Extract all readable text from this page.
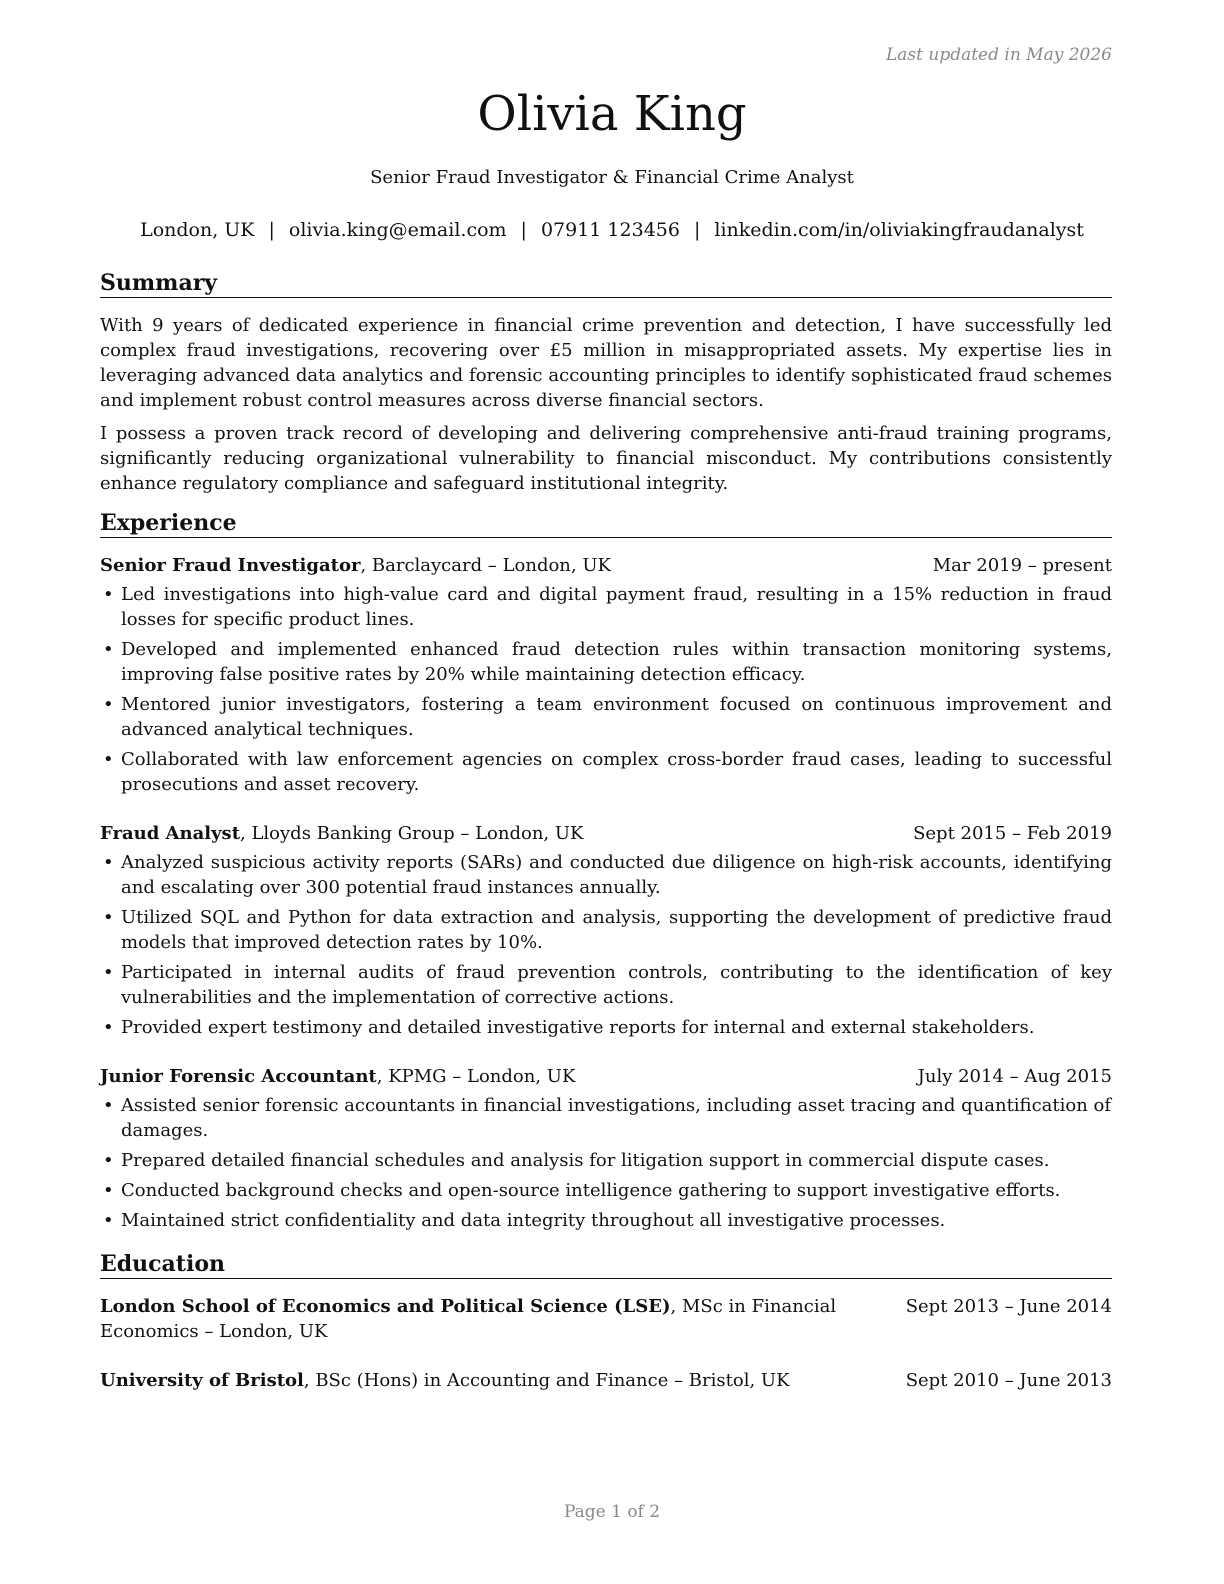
Last updated in May 2026
Olivia King
Senior Fraud Investigator & Financial Crime Analyst
London, UK | olivia.king@email.com | 07911 123456 | linkedin.com/in/oliviakingfraudanalyst
Summary

With 9 years of dedicated experience in financial crime prevention and detection, I have successfully led complex fraud investigations, recovering over £5 million in misappropriated assets. My expertise lies in leveraging advanced data analytics and forensic accounting principles to identify sophisticated fraud schemes and implement robust control measures across diverse financial sectors.

I possess a proven track record of developing and delivering comprehensive anti-fraud training programs, significantly reducing organizational vulnerability to financial misconduct. My contributions consistently enhance regulatory compliance and safeguard institutional integrity.

Experience
Senior Fraud Investigator, Barclaycard – London, UK	Mar 2019 – present
• Led investigations into high-value card and digital payment fraud, resulting in a 15% reduction in fraud losses for specific product lines.
• Developed and implemented enhanced fraud detection rules within transaction monitoring systems, improving false positive rates by 20% while maintaining detection efficacy.
• Mentored junior investigators, fostering a team environment focused on continuous improvement and advanced analytical techniques.
• Collaborated with law enforcement agencies on complex cross-border fraud cases, leading to successful prosecutions and asset recovery.
Fraud Analyst, Lloyds Banking Group – London, UK	Sept 2015 – Feb 2019
• Analyzed suspicious activity reports (SARs) and conducted due diligence on high-risk accounts, identifying and escalating over 300 potential fraud instances annually.
• Utilized SQL and Python for data extraction and analysis, supporting the development of predictive fraud models that improved detection rates by 10%.
• Participated in internal audits of fraud prevention controls, contributing to the identification of key vulnerabilities and the implementation of corrective actions.
• Provided expert testimony and detailed investigative reports for internal and external stakeholders.
Junior Forensic Accountant, KPMG – London, UK	July 2014 – Aug 2015
• Assisted senior forensic accountants in financial investigations, including asset tracing and quantification of damages.
• Prepared detailed financial schedules and analysis for litigation support in commercial dispute cases.
• Conducted background checks and open-source intelligence gathering to support investigative efforts.
• Maintained strict confidentiality and data integrity throughout all investigative processes.
Education
London School of Economics and Political Science (LSE), MSc in Financial Economics – London, UK
Sept 2013 – June 2014
University of Bristol, BSc (Hons) in Accounting and Finance – Bristol, UK	Sept 2010 – June 2013
Page 1 of 2
